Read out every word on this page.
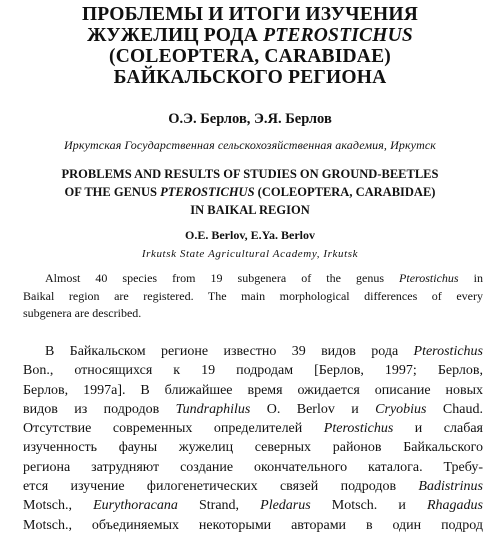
ПРОБЛЕМЫ И ИТОГИ ИЗУЧЕНИЯ
ЖУЖЕЛИЦ РОДА PTEROSTICHUS
(COLEOPTERA, CARABIDAE)
БАЙКАЛЬСКОГО РЕГИОНА
О.Э. Берлов, Э.Я. Берлов
Иркутская Государственная сельскохозяйственная академия, Иркутск
PROBLEMS AND RESULTS OF STUDIES ON GROUND-BEETLES
OF THE GENUS PTEROSTICHUS (COLEOPTERA, CARABIDAE)
IN BAIKAL REGION
O.E. Berlov, E.Ya. Berlov
Irkutsk State Agricultural Academy, Irkutsk
Almost 40 species from 19 subgenera of the genus Pterostichus in
Baikal region are registered. The main morphological differences of every
subgenera are described.
В Байкальском регионе известно 39 видов рода Pterostichus
Bon., относящихся к 19 подродам [Берлов, 1997; Берлов,
Берлов, 1997а]. В ближайшее время ожидается описание новых
видов из подродов Tundraphilus O. Berlov и Cryobius Chaud.
Отсутствие современных определителей Pterostichus и слабая
изученность фауны жужелиц северных районов Байкальского
региона затрудняют создание окончательного каталога. Требу-
ется изучение филогенетических связей подродов Badistrinus
Motsch., Eurythoracana Strand, Pledarus Motsch. и Rhagadus
Motsch., объединяемых некоторыми авторами в один подрод
